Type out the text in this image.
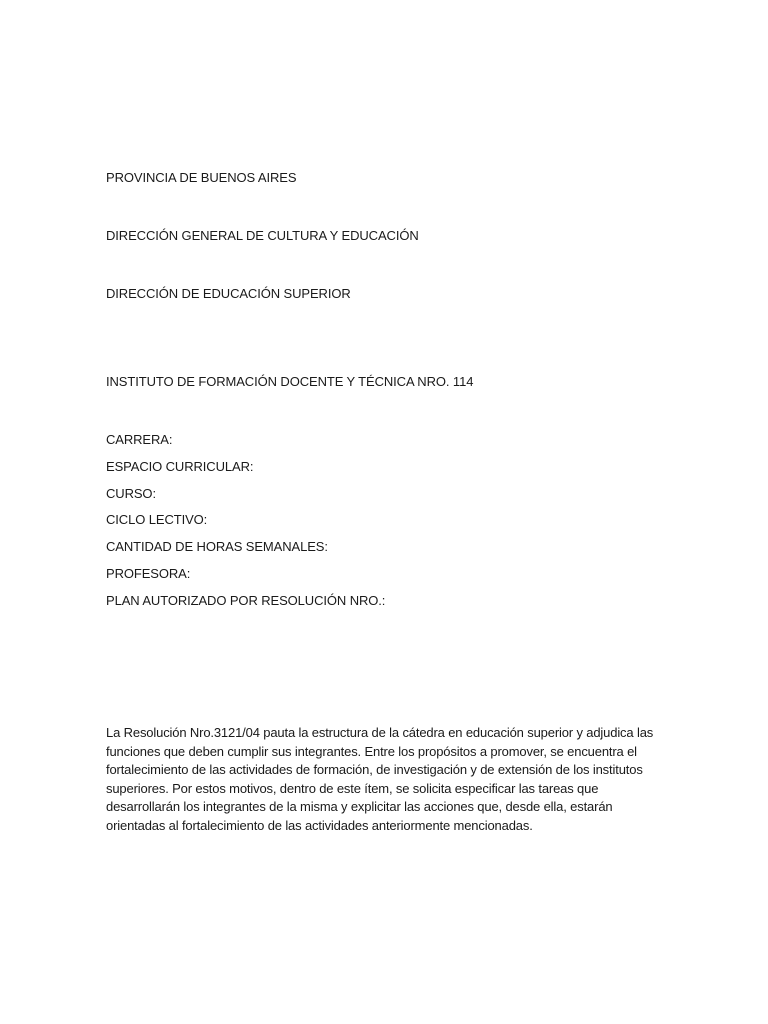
PROVINCIA DE BUENOS AIRES
DIRECCIÓN GENERAL DE CULTURA Y EDUCACIÓN
DIRECCIÓN DE EDUCACIÓN SUPERIOR
INSTITUTO DE FORMACIÓN DOCENTE Y TÉCNICA NRO. 114
CARRERA:
ESPACIO CURRICULAR:
CURSO:
CICLO LECTIVO:
CANTIDAD DE HORAS SEMANALES:
PROFESORA:
PLAN AUTORIZADO POR RESOLUCIÓN NRO.:
La Resolución Nro.3121/04 pauta la estructura de la cátedra en educación superior y adjudica las
funciones que deben cumplir sus integrantes. Entre los propósitos a promover, se encuentra el
fortalecimiento de las actividades de formación, de investigación y de extensión de los institutos
superiores. Por estos motivos, dentro de este ítem, se solicita especificar las tareas que
desarrollarán los integrantes de la misma y explicitar las acciones que, desde ella, estarán
orientadas al fortalecimiento de las actividades anteriormente mencionadas.
